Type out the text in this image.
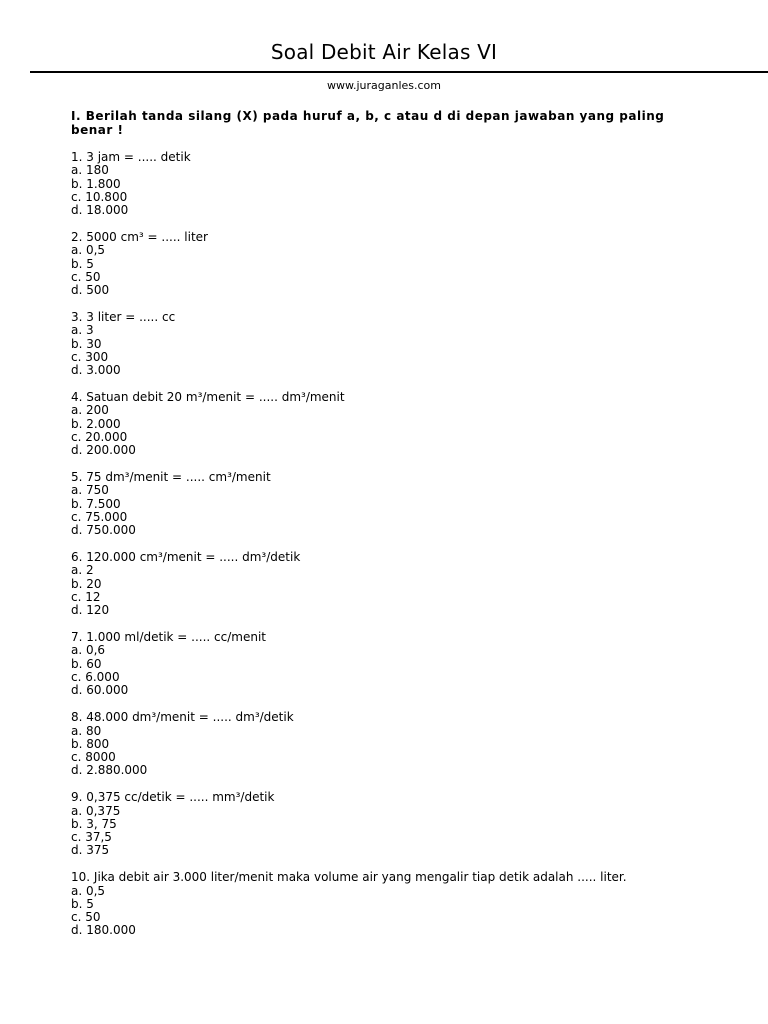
Soal Debit Air Kelas VI
www.juraganles.com
I. Berilah tanda silang (X) pada huruf a, b, c atau d di depan jawaban yang paling benar !
1. 3 jam = ..... detik
a. 180
b. 1.800
c. 10.800
d. 18.000
2. 5000 cm³ = ..... liter
a. 0,5
b. 5
c. 50
d. 500
3. 3 liter = ..... cc
a. 3
b. 30
c. 300
d. 3.000
4. Satuan debit 20 m³/menit = ..... dm³/menit
a. 200
b. 2.000
c. 20.000
d. 200.000
5. 75 dm³/menit = ..... cm³/menit
a. 750
b. 7.500
c. 75.000
d. 750.000
6. 120.000 cm³/menit = ..... dm³/detik
a. 2
b. 20
c. 12
d. 120
7. 1.000 ml/detik = ..... cc/menit
a. 0,6
b. 60
c. 6.000
d. 60.000
8. 48.000 dm³/menit = ..... dm³/detik
a. 80
b. 800
c. 8000
d. 2.880.000
9. 0,375 cc/detik = ..... mm³/detik
a. 0,375
b. 3, 75
c. 37,5
d. 375
10. Jika debit air 3.000 liter/menit maka volume air yang mengalir tiap detik adalah ..... liter.
a. 0,5
b. 5
c. 50
d. 180.000
